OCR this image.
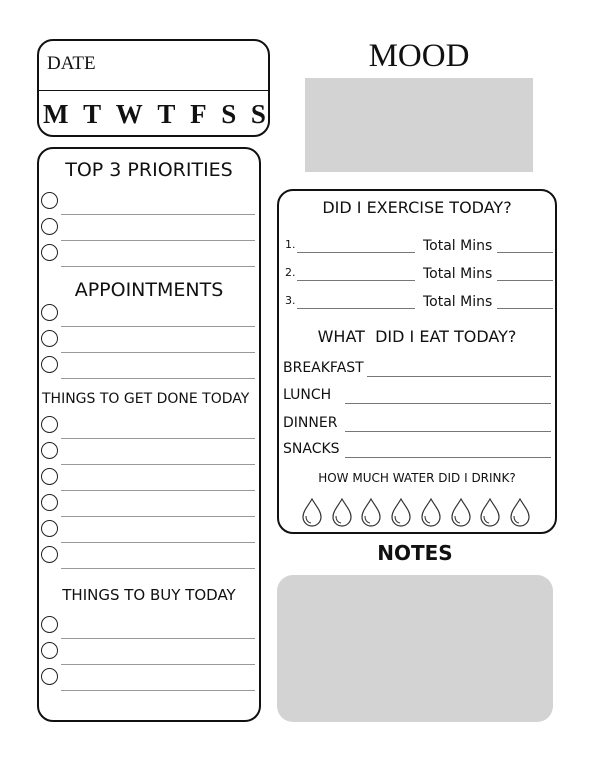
DATE
M T W T F S S
TOP 3 PRIORITIES
APPOINTMENTS
THINGS TO GET DONE TODAY
THINGS TO BUY TODAY
MOOD
DID I EXERCISE TODAY?
1.	Total Mins
2.	Total Mins
3.	Total Mins
WHAT  DID I EAT TODAY?
BREAKFAST
LUNCH
DINNER
SNACKS
HOW MUCH WATER DID I DRINK?
NOTES
